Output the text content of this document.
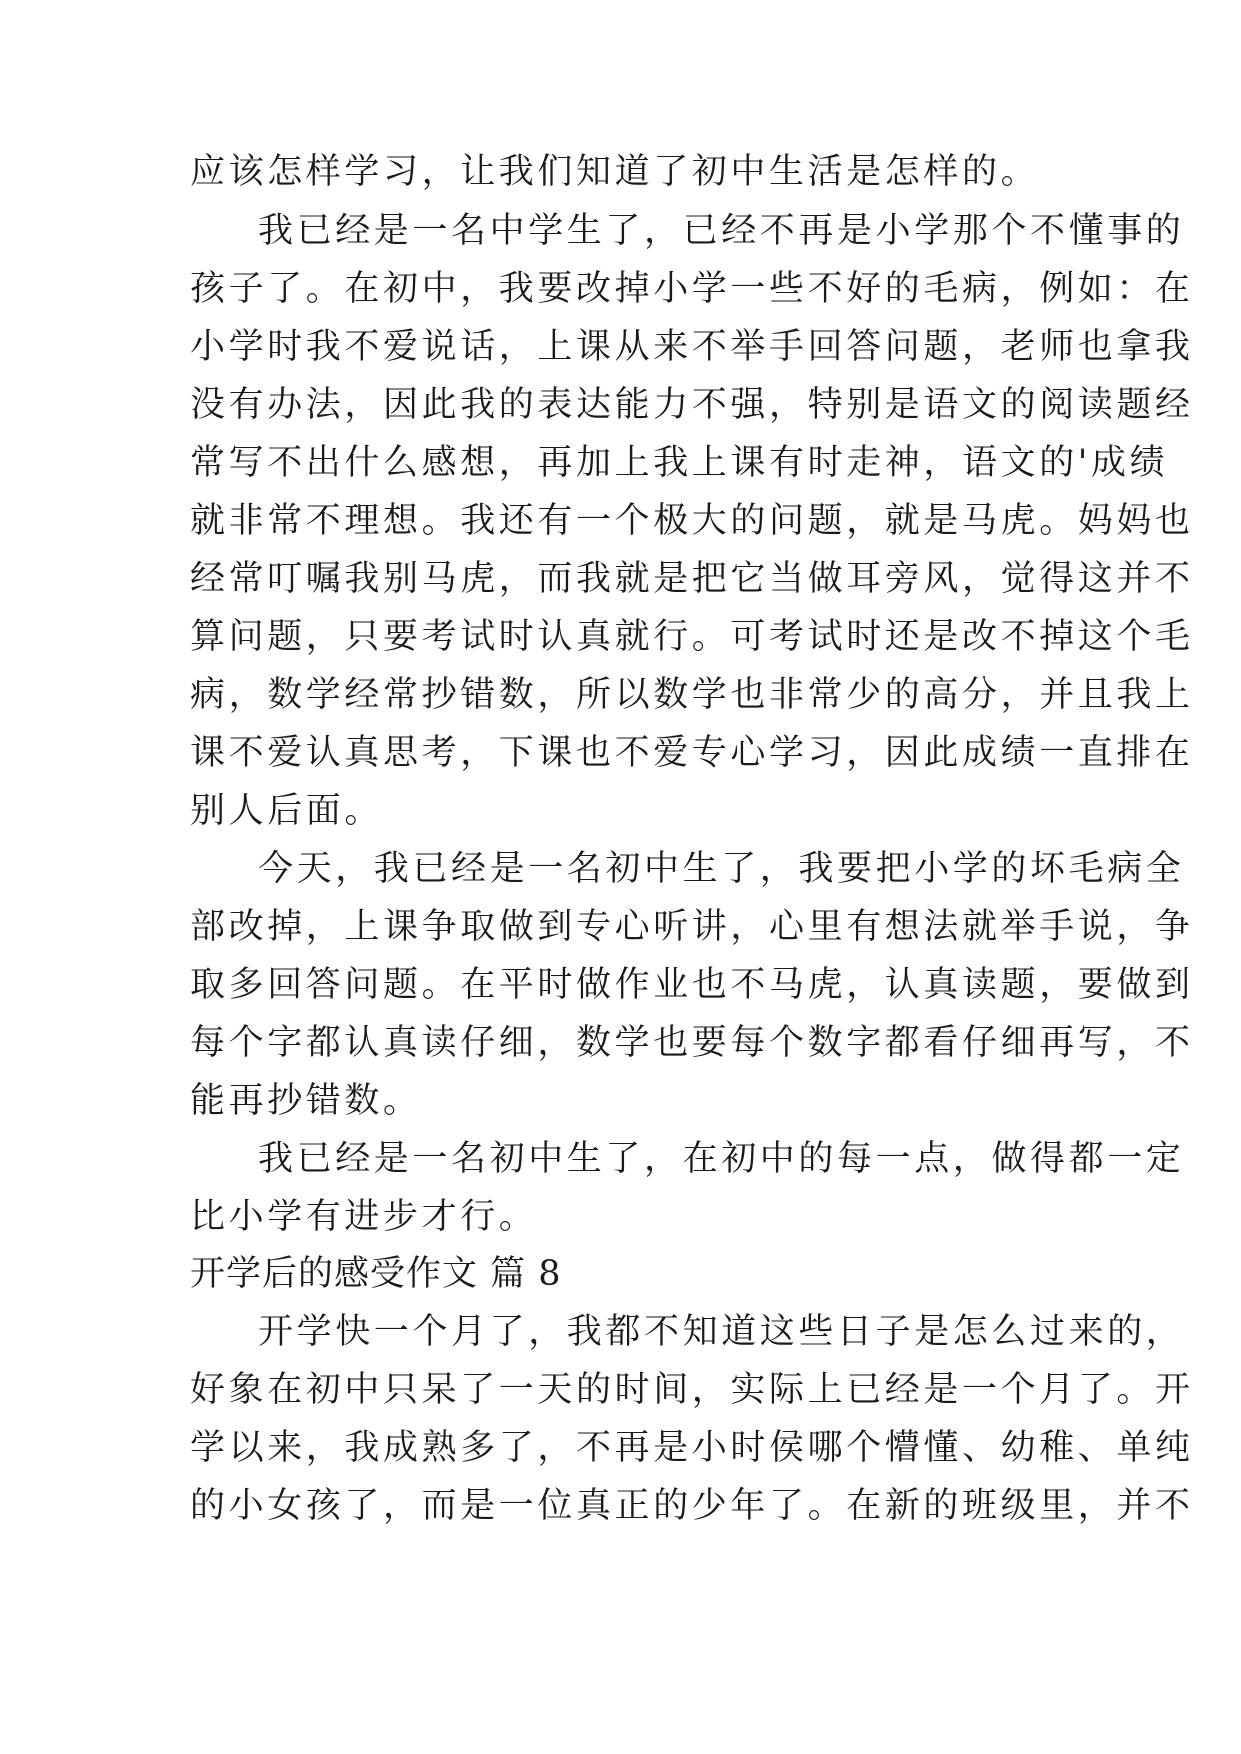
应该怎样学习，让我们知道了初中生活是怎样的。
我已经是一名中学生了，已经不再是小学那个不懂事的
孩子了。在初中，我要改掉小学一些不好的毛病，例如：在
小学时我不爱说话，上课从来不举手回答问题，老师也拿我
没有办法，因此我的表达能力不强，特别是语文的阅读题经
常写不出什么感想，再加上我上课有时走神，语文的'成绩
就非常不理想。我还有一个极大的问题，就是马虎。妈妈也
经常叮嘱我别马虎，而我就是把它当做耳旁风，觉得这并不
算问题，只要考试时认真就行。可考试时还是改不掉这个毛
病，数学经常抄错数，所以数学也非常少的高分，并且我上
课不爱认真思考，下课也不爱专心学习，因此成绩一直排在
别人后面。
今天，我已经是一名初中生了，我要把小学的坏毛病全
部改掉，上课争取做到专心听讲，心里有想法就举手说，争
取多回答问题。在平时做作业也不马虎，认真读题，要做到
每个字都认真读仔细，数学也要每个数字都看仔细再写，不
能再抄错数。
我已经是一名初中生了，在初中的每一点，做得都一定
比小学有进步才行。
开学后的感受作文 篇 8
开学快一个月了，我都不知道这些日子是怎么过来的，
好象在初中只呆了一天的时间，实际上已经是一个月了。开
学以来，我成熟多了，不再是小时侯哪个懵懂、幼稚、单纯
的小女孩了，而是一位真正的少年了。在新的班级里，并不
